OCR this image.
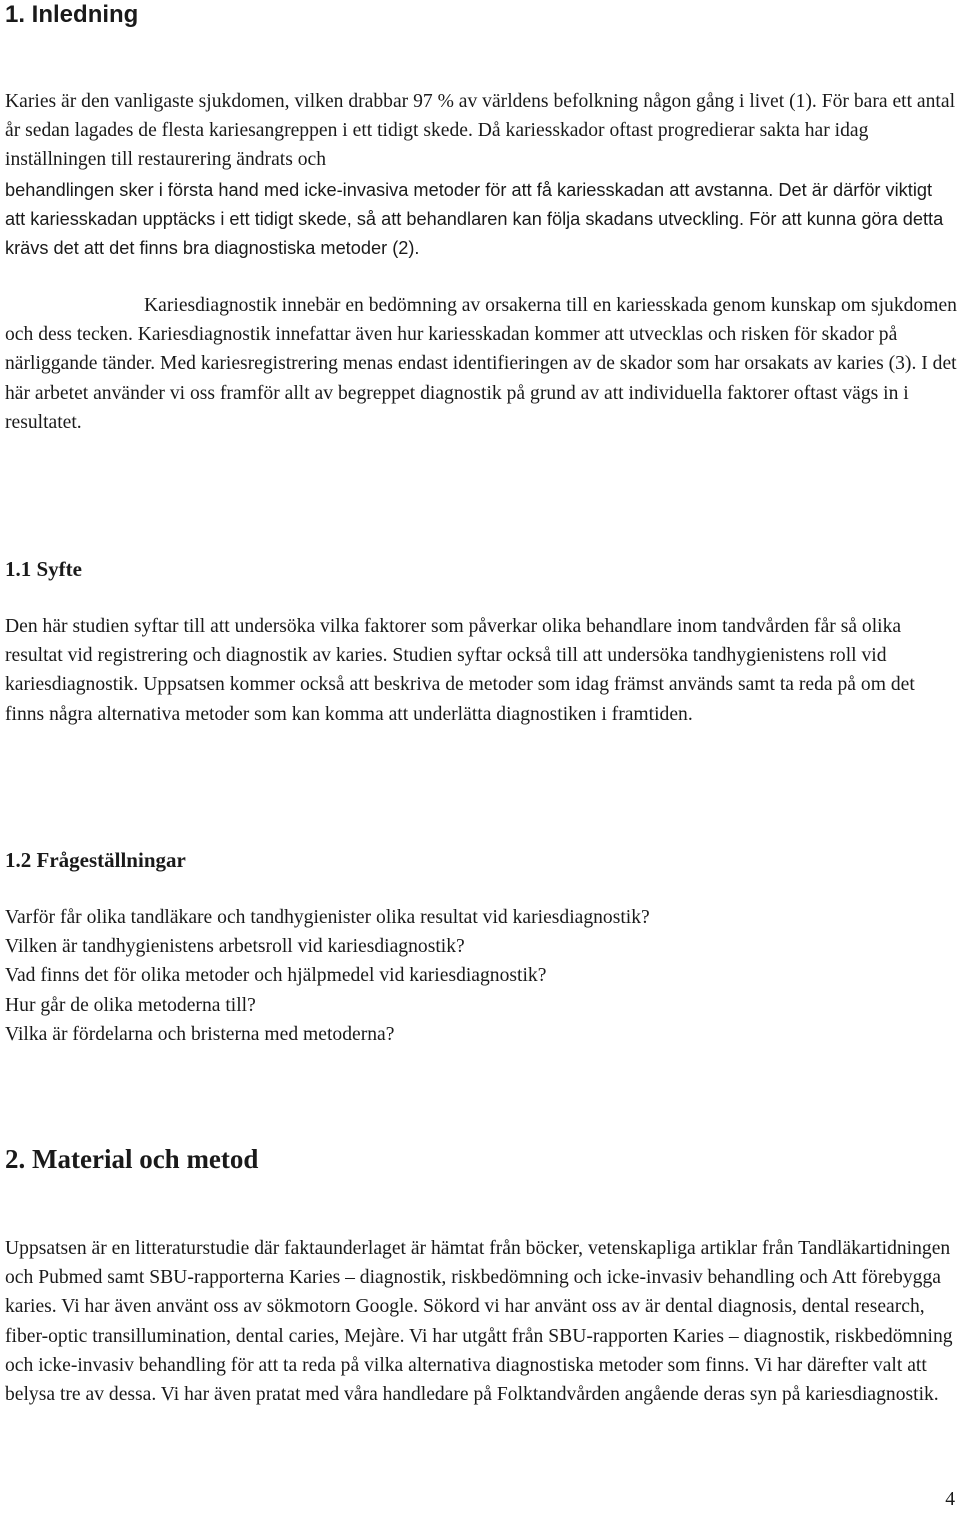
1. Inledning

Karies är den vanligaste sjukdomen, vilken drabbar 97 % av världens befolkning någon gång i livet (1). För bara ett antal år sedan lagades de flesta kariesangreppen i ett tidigt skede. Då kariesskador oftast progredierar sakta har idag inställningen till restaurering ändrats och

behandlingen sker i första hand med icke-invasiva metoder för att få kariesskadan att avstanna. Det är därför viktigt att kariesskadan upptäcks i ett tidigt skede, så att behandlaren kan följa skadans utveckling. För att kunna göra detta krävs det att det finns bra diagnostiska metoder (2).

Kariesdiagnostik innebär en bedömning av orsakerna till en kariesskada genom kunskap om sjukdomen och dess tecken. Kariesdiagnostik innefattar även hur kariesskadan kommer att utvecklas och risken för skador på närliggande tänder. Med kariesregistrering menas endast identifieringen av de skador som har orsakats av karies (3). I det här arbetet använder vi oss framför allt av begreppet diagnostik på grund av att individuella faktorer oftast vägs in i resultatet.

1.1 Syfte

Den här studien syftar till att undersöka vilka faktorer som påverkar olika behandlare inom tandvården får så olika resultat vid registrering och diagnostik av karies. Studien syftar också till att undersöka tandhygienistens roll vid kariesdiagnostik. Uppsatsen kommer också att beskriva de metoder som idag främst används samt ta reda på om det finns några alternativa metoder som kan komma att underlätta diagnostiken i framtiden.

1.2 Frågeställningar
Varför får olika tandläkare och tandhygienister olika resultat vid kariesdiagnostik?
Vilken är tandhygienistens arbetsroll vid kariesdiagnostik?
Vad finns det för olika metoder och hjälpmedel vid kariesdiagnostik?
Hur går de olika metoderna till?
Vilka är fördelarna och bristerna med metoderna?
2. Material och metod

Uppsatsen är en litteraturstudie där faktaunderlaget är hämtat från böcker, vetenskapliga artiklar från Tandläkartidningen och Pubmed samt SBU-rapporterna Karies – diagnostik, riskbedömning och icke-invasiv behandling och Att förebygga karies. Vi har även använt oss av sökmotorn Google. Sökord vi har använt oss av är dental diagnosis, dental research, fiber-optic transillumination, dental caries, Mejàre. Vi har utgått från SBU-rapporten Karies – diagnostik, riskbedömning och icke-invasiv behandling för att ta reda på vilka alternativa diagnostiska metoder som finns. Vi har därefter valt att belysa tre av dessa. Vi har även pratat med våra handledare på Folktandvården angående deras syn på kariesdiagnostik.

4
